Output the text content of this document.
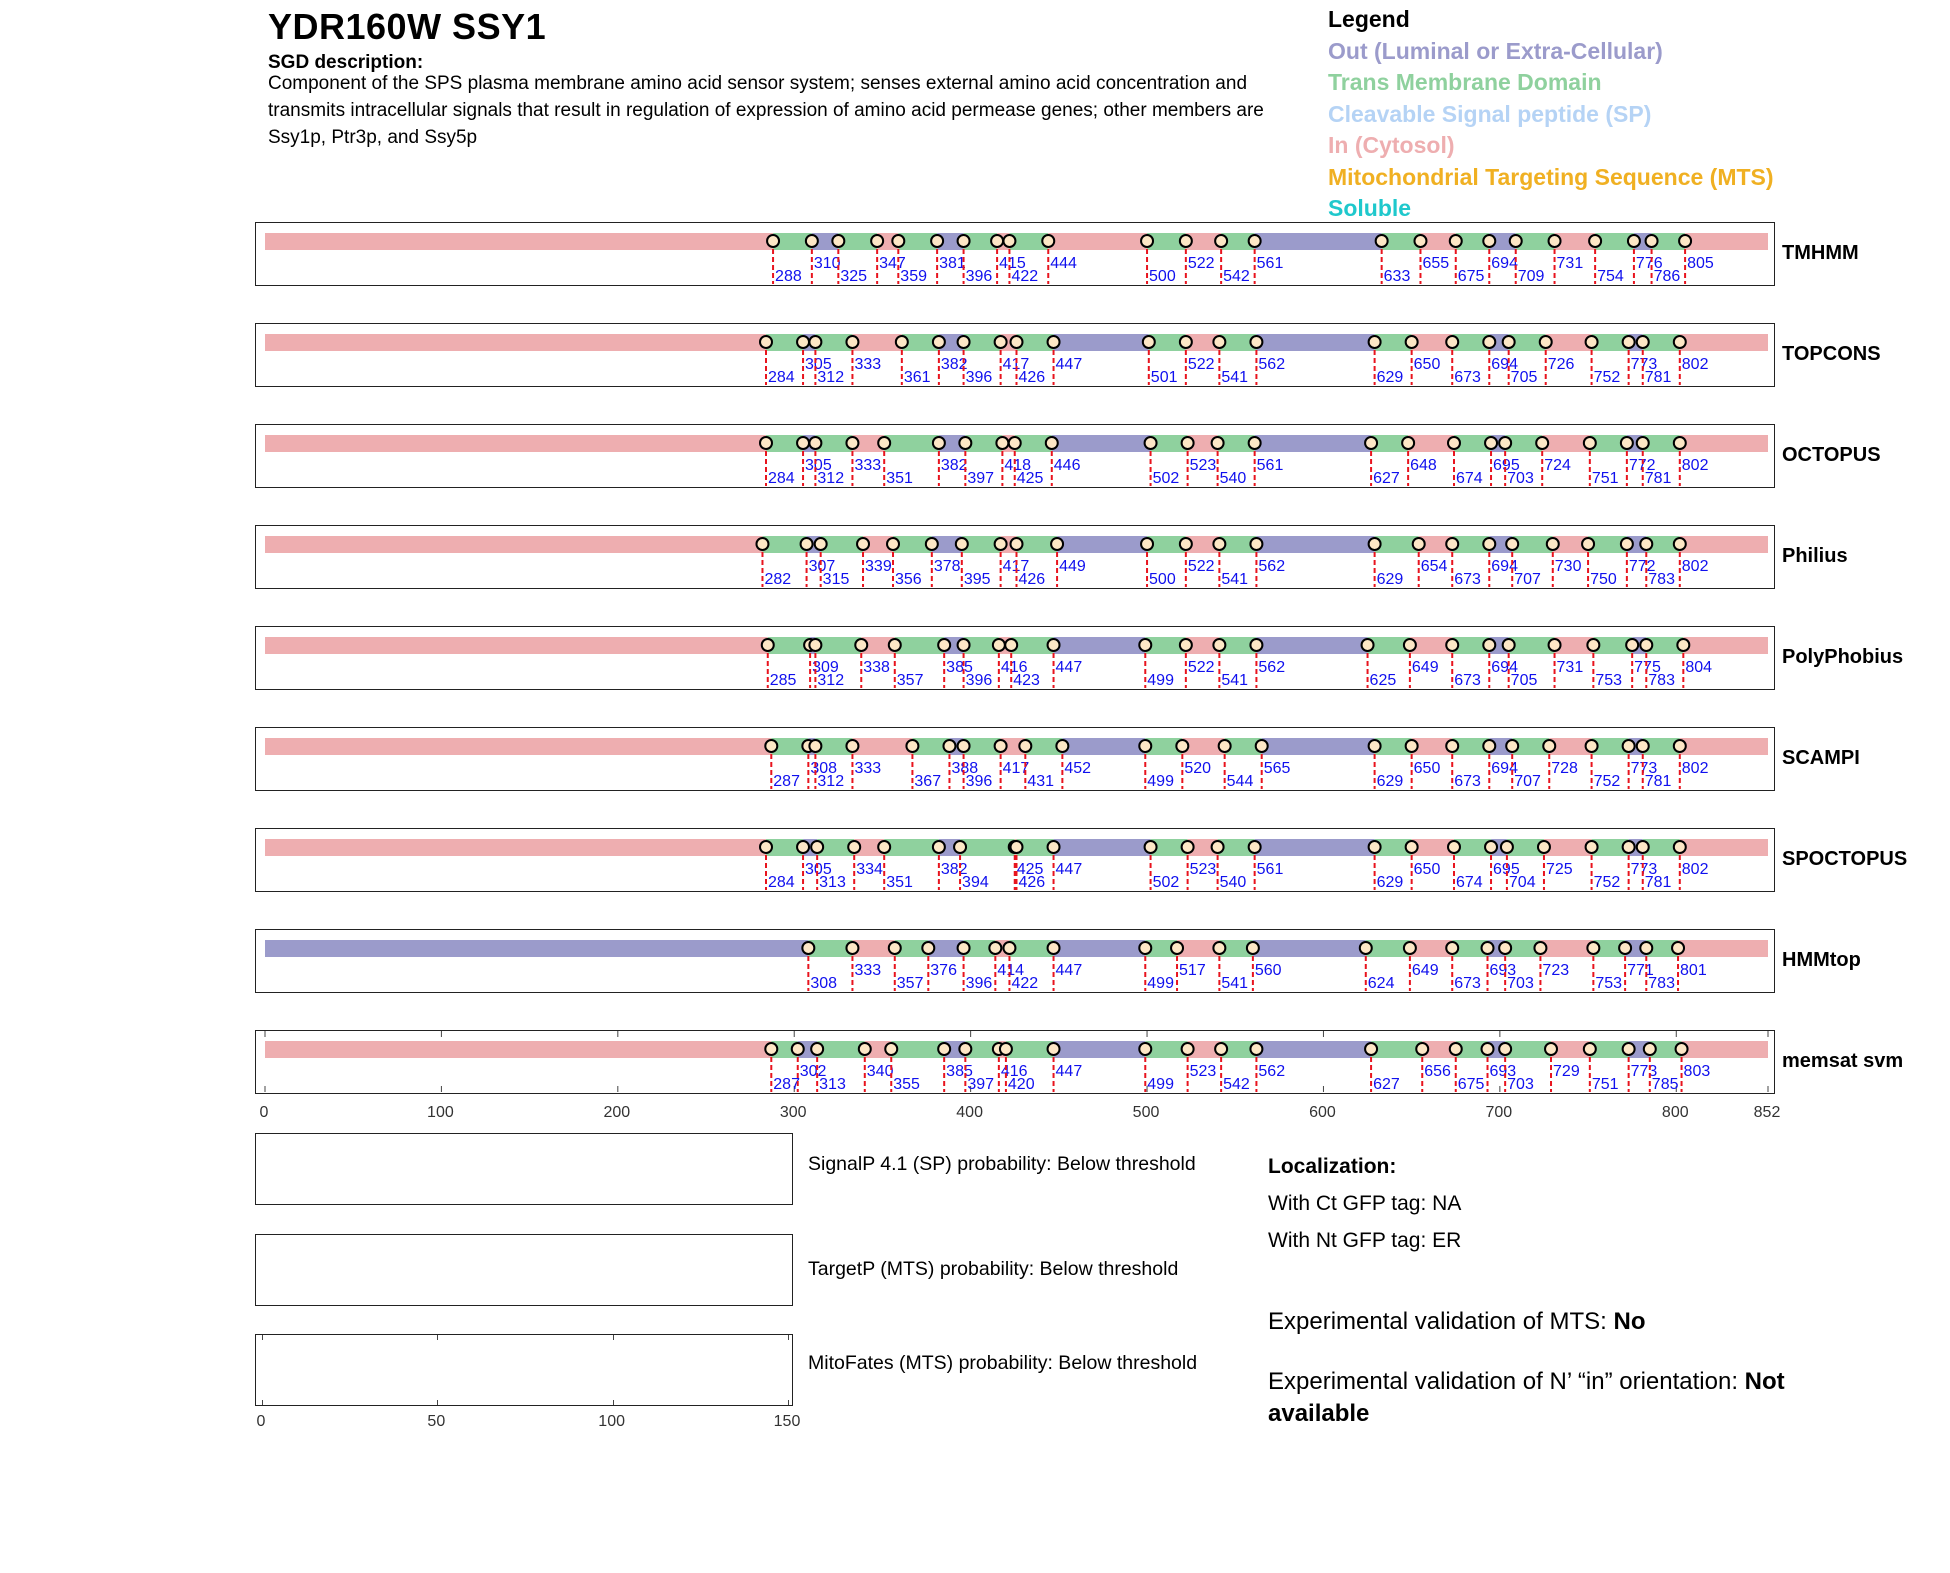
YDR160W SSY1
SGD description:
Component of the SPS plasma membrane amino acid sensor system; senses external amino acid concentration and transmits intracellular signals that result in regulation of expression of amino acid permease genes; other members are Ssy1p, Ptr3p, and Ssy5p
Legend
Out (Luminal or Extra-Cellular)
Trans Membrane Domain
Cleavable Signal peptide (SP)
In (Cytosol)
Mitochondrial Targeting Sequence (MTS)
Soluble
288
310
325
347
359
381
396
415
422
444
500
522
542
561
633
655
675
694
709
731
754
776
786
805	TMHMM
284
305
312
333
361
382
396
417
426
447
501
522
541
562
629
650
673
694
705
726
752
773
781
802	TOPCONS
284
305
312
333
351
382
397
418
425
446
502
523
540
561
627
648
674
695
703
724
751
772
781
802	OCTOPUS
282
307
315
339
356
378
395
417
426
449
500
522
541
562
629
654
673
694
707
730
750
772
783
802	Philius
285
309
312
338
357
385
396
416
423
447
499
522
541
562
625
649
673
694
705
731
753
775
783
804	PolyPhobius
287
308
312
333
367
388
396
417
431
452
499
520
544
565
629
650
673
694
707
728
752
773
781
802	SCAMPI
284
305
313
334
351
382
394
425
426
447
502
523
540
561
629
650
674
695
704
725
752
773
781
802	SPOCTOPUS
308
333
357
376
396
414
422
447
499
517
541
560
624
649
673
693
703
723
753
771
783
801	HMMtop
287
302
313
340
355
385
397
416
420
447
499
523
542
562
627
656
675
693
703
729
751
773
785
803	memsat svm
0	100	200	300	400	500	600	700	800	852
SignalP 4.1 (SP) probability: Below threshold
TargetP (MTS) probability: Below threshold
MitoFates (MTS) probability: Below threshold
0	50	100	150
Localization:
With Ct GFP tag: NA
With Nt GFP tag: ER
Experimental validation of MTS: No
Experimental validation of N’ “in” orientation: Not available
